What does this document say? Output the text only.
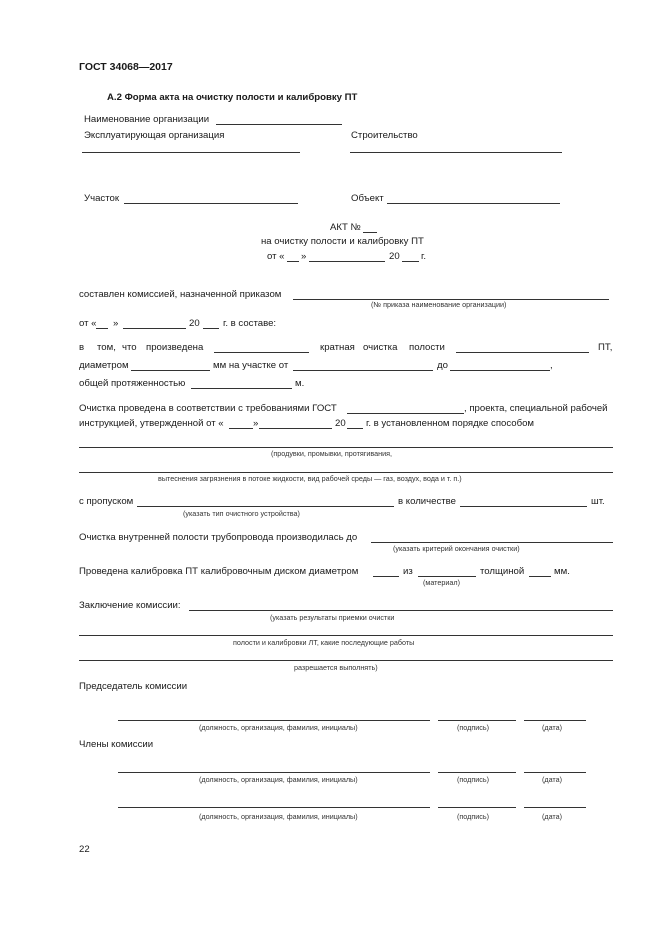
ГОСТ 34068—2017
А.2 Форма акта на очистку полости и калибровку ПТ
Наименование организации
Эксплуатирующая организация	Строительство
Участок	Объект
АКТ №
на очистку полости и калибровку ПТ
от « »	20 г.
составлен комиссией, назначенной приказом
(№ приказа наименование организации)
от « »	20 г. в составе:
в том, что произведена	кратная очистка полости	ПТ,
диаметром	мм на участке от	до	,
общей протяженностью	м.
Очистка проведена в соответствии с требованиями ГОСТ	, проекта, специальной рабочей
инструкцией, утвержденной от «	»	20 г. в установленном порядке способом
(продувки, промывки, протягивания,
вытеснения загрязнения в потоке жидкости, вид рабочей среды — газ, воздух, вода и т. п.)
с пропуском	в количестве	шт.
(указать тип очистного устройства)
Очистка внутренней полости трубопровода производилась до
(указать критерий окончания очистки)
Проведена калибровка ПТ калибровочным диском диаметром	из	толщиной	мм.
(материал)
Заключение комиссии:
(указать результаты приемки очистки
полости и калибровки ЛТ, какие последующие работы
разрешается выполнять)
Председатель комиссии
(должность, организация, фамилия, инициалы)	(подпись)	(дата)
Члены комиссии
(должность, организация, фамилия, инициалы)	(подпись)	(дата)
(должность, организация, фамилия, инициалы)	(подпись)	(дата)
22
